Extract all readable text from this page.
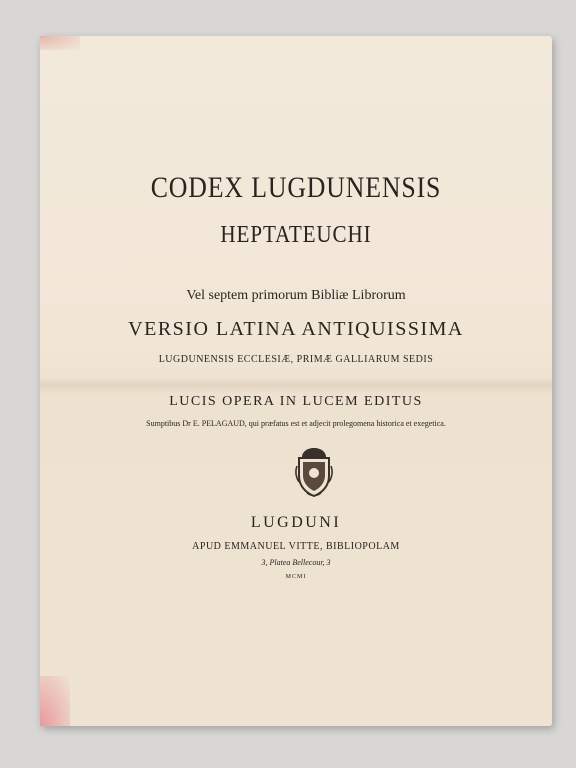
CODEX LUGDUNENSIS
HEPTATEUCHI
Vel septem primorum Bibliæ Librorum
VERSIO LATINA ANTIQUISSIMA
LUGDUNENSIS ECCLESIÆ, PRIMÆ GALLIARUM SEDIS
LUCIS OPERA IN LUCEM EDITUS
Sumptibus Dr E. PELAGAUD, qui præfatus est et adjecit prolegomena historica et exegetica.
LUGDUNI
APUD EMMANUEL VITTE, BIBLIOPOLAM
3, Platea Bellecour, 3
MCMI
